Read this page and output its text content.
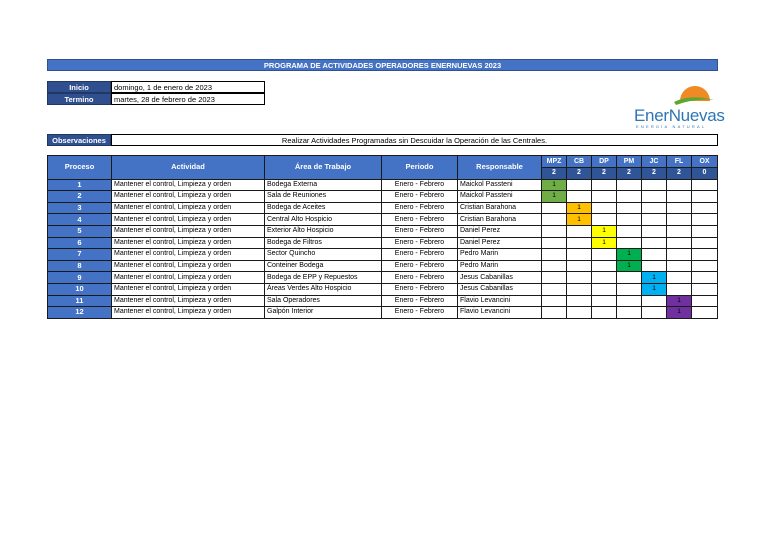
PROGRAMA DE ACTIVIDADES OPERADORES ENERNUEVAS 2023
Inicio	domingo, 1 de enero de 2023
Termino	martes, 28 de febrero de 2023
Observaciones	Realizar Actividades Programadas sin Descuidar la Operación de las Centrales.
EnerNuevas
ENERGÍA NATURAL
Proceso	Actividad	Área de Trabajo	Periodo	Responsable	MPZ	CB	DP	PM	JC	FL	OX
					2	2	2	2	2	2	0
1	Mantener el control, Limpieza y orden	Bodega Externa	Enero - Febrero	Maickol Passteni	1						
2	Mantener el control, Limpieza y orden	Sala de Reuniones	Enero - Febrero	Maickol Passteni	1						
3	Mantener el control, Limpieza y orden	Bodega de Aceites	Enero - Febrero	Cristian Barahona		1					
4	Mantener el control, Limpieza y orden	Central Alto Hospicio	Enero - Febrero	Cristian Barahona		1					
5	Mantener el control, Limpieza y orden	Exterior Alto Hospicio	Enero - Febrero	Daniel Perez			1				
6	Mantener el control, Limpieza y orden	Bodega de Filtros	Enero - Febrero	Daniel Perez			1				
7	Mantener el control, Limpieza y orden	Sector Quincho	Enero - Febrero	Pedro Marin				1			
8	Mantener el control, Limpieza y orden	Conteiner Bodega	Enero - Febrero	Pedro Marin				1			
9	Mantener el control, Limpieza y orden	Bodega de EPP y Repuestos	Enero - Febrero	Jesus Cabanillas					1		
10	Mantener el control, Limpieza y orden	Áreas Verdes Alto Hospicio	Enero - Febrero	Jesus Cabanillas					1		
11	Mantener el control, Limpieza y orden	Sala Operadores	Enero - Febrero	Flavio Levancini						1	
12	Mantener el control, Limpieza y orden	Galpón Interior	Enero - Febrero	Flavio Levancini						1	
